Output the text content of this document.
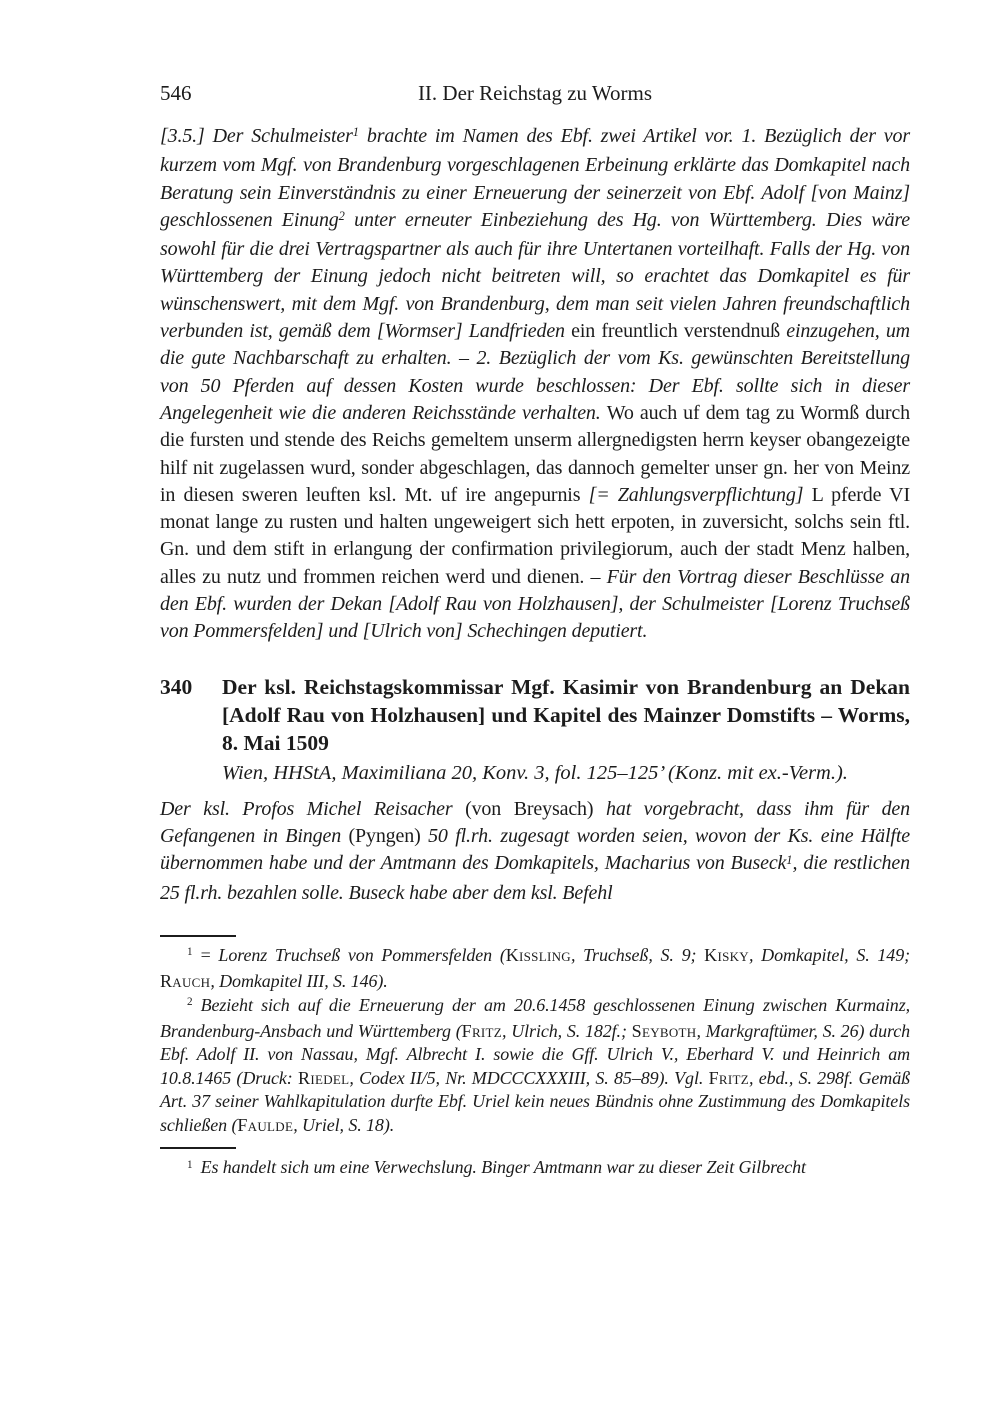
546	II. Der Reichstag zu Worms

[3.5.] Der Schulmeister$^1$ brachte im Namen des Ebf. zwei Artikel vor. 1. Bezüglich der vor kurzem vom Mgf. von Brandenburg vorgeschlagenen Erbeinung erklärte das Domkapitel nach Beratung sein Einverständnis zu einer Erneuerung der seinerzeit von Ebf. Adolf [von Mainz] geschlossenen Einung$^2$ unter erneuter Einbeziehung des Hg. von Württemberg. Dies wäre sowohl für die drei Vertragspartner als auch für ihre Untertanen vorteilhaft. Falls der Hg. von Württemberg der Einung jedoch nicht beitreten will, so erachtet das Domkapitel es für wünschenswert, mit dem Mgf. von Brandenburg, dem man seit vielen Jahren freundschaftlich verbunden ist, gemäß dem [Wormser] Landfrieden ein freuntlich verstendnuß einzugehen, um die gute Nachbarschaft zu erhalten. – 2. Bezüglich der vom Ks. gewünschten Bereitstellung von 50 Pferden auf dessen Kosten wurde beschlossen: Der Ebf. sollte sich in dieser Angelegenheit wie die anderen Reichsstände verhalten. Wo auch uf dem tag zu Wormß durch die fursten und stende des Reichs gemeltem unserm allergnedigsten herrn keyser obangezeigte hilf nit zugelassen wurd, sonder abgeschlagen, das dannoch gemelter unser gn. her von Meinz in diesen sweren leuften ksl. Mt. uf ire angepurnis [= Zahlungsverpflichtung] L pferde VI monat lange zu rusten und halten ungeweigert sich hett erpoten, in zuversicht, solchs sein ftl. Gn. und dem stift in erlangung der confirmation privilegiorum, auch der stadt Menz halben, alles zu nutz und frommen reichen werd und dienen. – Für den Vortrag dieser Beschlüsse an den Ebf. wurden der Dekan [Adolf Rau von Holzhausen], der Schulmeister [Lorenz Truchseß von Pommersfelden] und [Ulrich von] Schechingen deputiert.

340	Der ksl. Reichstagskommissar Mgf. Kasimir von Brandenburg an Dekan
[Adolf Rau von Holzhausen] und Kapitel des Mainzer Domstifts – Worms,
8. Mai 1509
Wien, HHStA, Maximiliana 20, Konv. 3, fol. 125–125’ (Konz. mit ex.-Verm.).

Der ksl. Profos Michel Reisacher (von Breysach) hat vorgebracht, dass ihm für den Gefangenen in Bingen (Pyngen) 50 fl.rh. zugesagt worden seien, wovon der Ks. eine Hälfte übernommen habe und der Amtmann des Domkapitels, Macharius von Buseck$^1$, die restlichen 25 fl.rh. bezahlen solle. Buseck habe aber dem ksl. Befehl

$^1$ = Lorenz Truchseß von Pommersfelden (Kissling, Truchseß, S. 9; Kisky, Domkapitel, S. 149; Rauch, Domkapitel III, S. 146).

$^2$ Bezieht sich auf die Erneuerung der am 20.6.1458 geschlossenen Einung zwischen Kurmainz, Brandenburg-Ansbach und Württemberg (Fritz, Ulrich, S. 182f.; Seyboth, Markgraftümer, S. 26) durch Ebf. Adolf II. von Nassau, Mgf. Albrecht I. sowie die Gff. Ulrich V., Eberhard V. und Heinrich am 10.8.1465 (Druck: Riedel, Codex II/5, Nr. MDCCCXXXIII, S. 85–89). Vgl. Fritz, ebd., S. 298f. Gemäß Art. 37 seiner Wahlkapitulation durfte Ebf. Uriel kein neues Bündnis ohne Zustimmung des Domkapitels schließen (Faulde, Uriel, S. 18).

$^1$ Es handelt sich um eine Verwechslung. Binger Amtmann war zu dieser Zeit Gilbrecht
